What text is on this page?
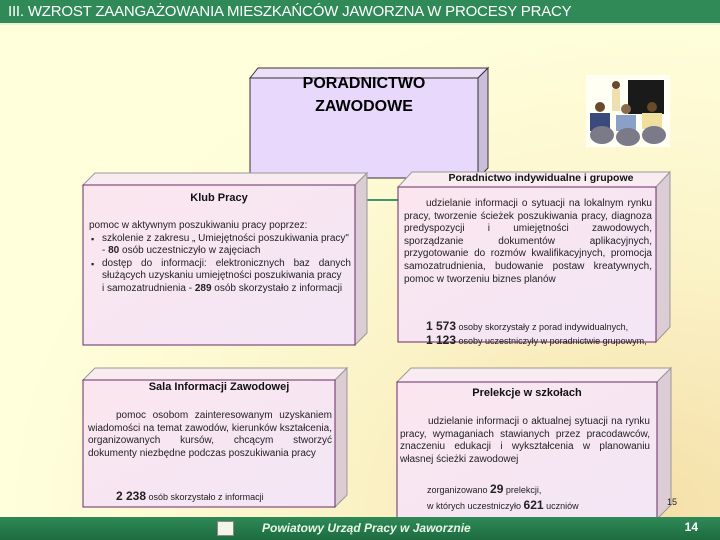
III. WZROST ZAANGAŻOWANIA MIESZKAŃCÓW JAWORZNA W PROCESY PRACY
PORADNICTWO
ZAWODOWE
Klub Pracy
pomoc w aktywnym poszukiwaniu pracy poprzez:
▪ szkolenie z zakresu „ Umiejętności poszukiwania pracy"
- 80 osób uczestniczyło w zajęciach
▪ dostęp do informacji: elektronicznych baz danych służących uzyskaniu umiejętności poszukiwania pracy
i samozatrudnienia - 289 osób skorzystało z informacji
Poradnictwo indywidualne i grupowe
udzielanie informacji o sytuacji na lokalnym rynku pracy, tworzenie ścieżek poszukiwania pracy, diagnoza predyspozycji i umiejętności zawodowych, sporządzanie dokumentów aplikacyjnych, przygotowanie do rozmów kwalifikacyjnych, promocja samozatrudnienia, budowanie postaw kreatywnych, pomoc w tworzeniu biznes planów
1 573 osoby skorzystały z porad indywidualnych,
1 123 osoby uczestniczyły w poradnictwie grupowym,
Sala Informacji Zawodowej
pomoc osobom zainteresowanym uzyskaniem wiadomości na temat zawodów, kierunków kształcenia, organizowanych kursów, chcącym stworzyć dokumenty niezbędne podczas poszukiwania pracy
2 238 osób skorzystało z informacji
Prelekcje w szkołach
udzielanie informacji o aktualnej sytuacji na rynku pracy, wymaganiach stawianych przez pracodawców, znaczeniu edukacji i wykształcenia w planowaniu własnej ścieżki zawodowej
zorganizowano 29 prelekcji,
w których uczestniczyło 621 uczniów	15
Powiatowy Urząd Pracy w Jaworznie	14
